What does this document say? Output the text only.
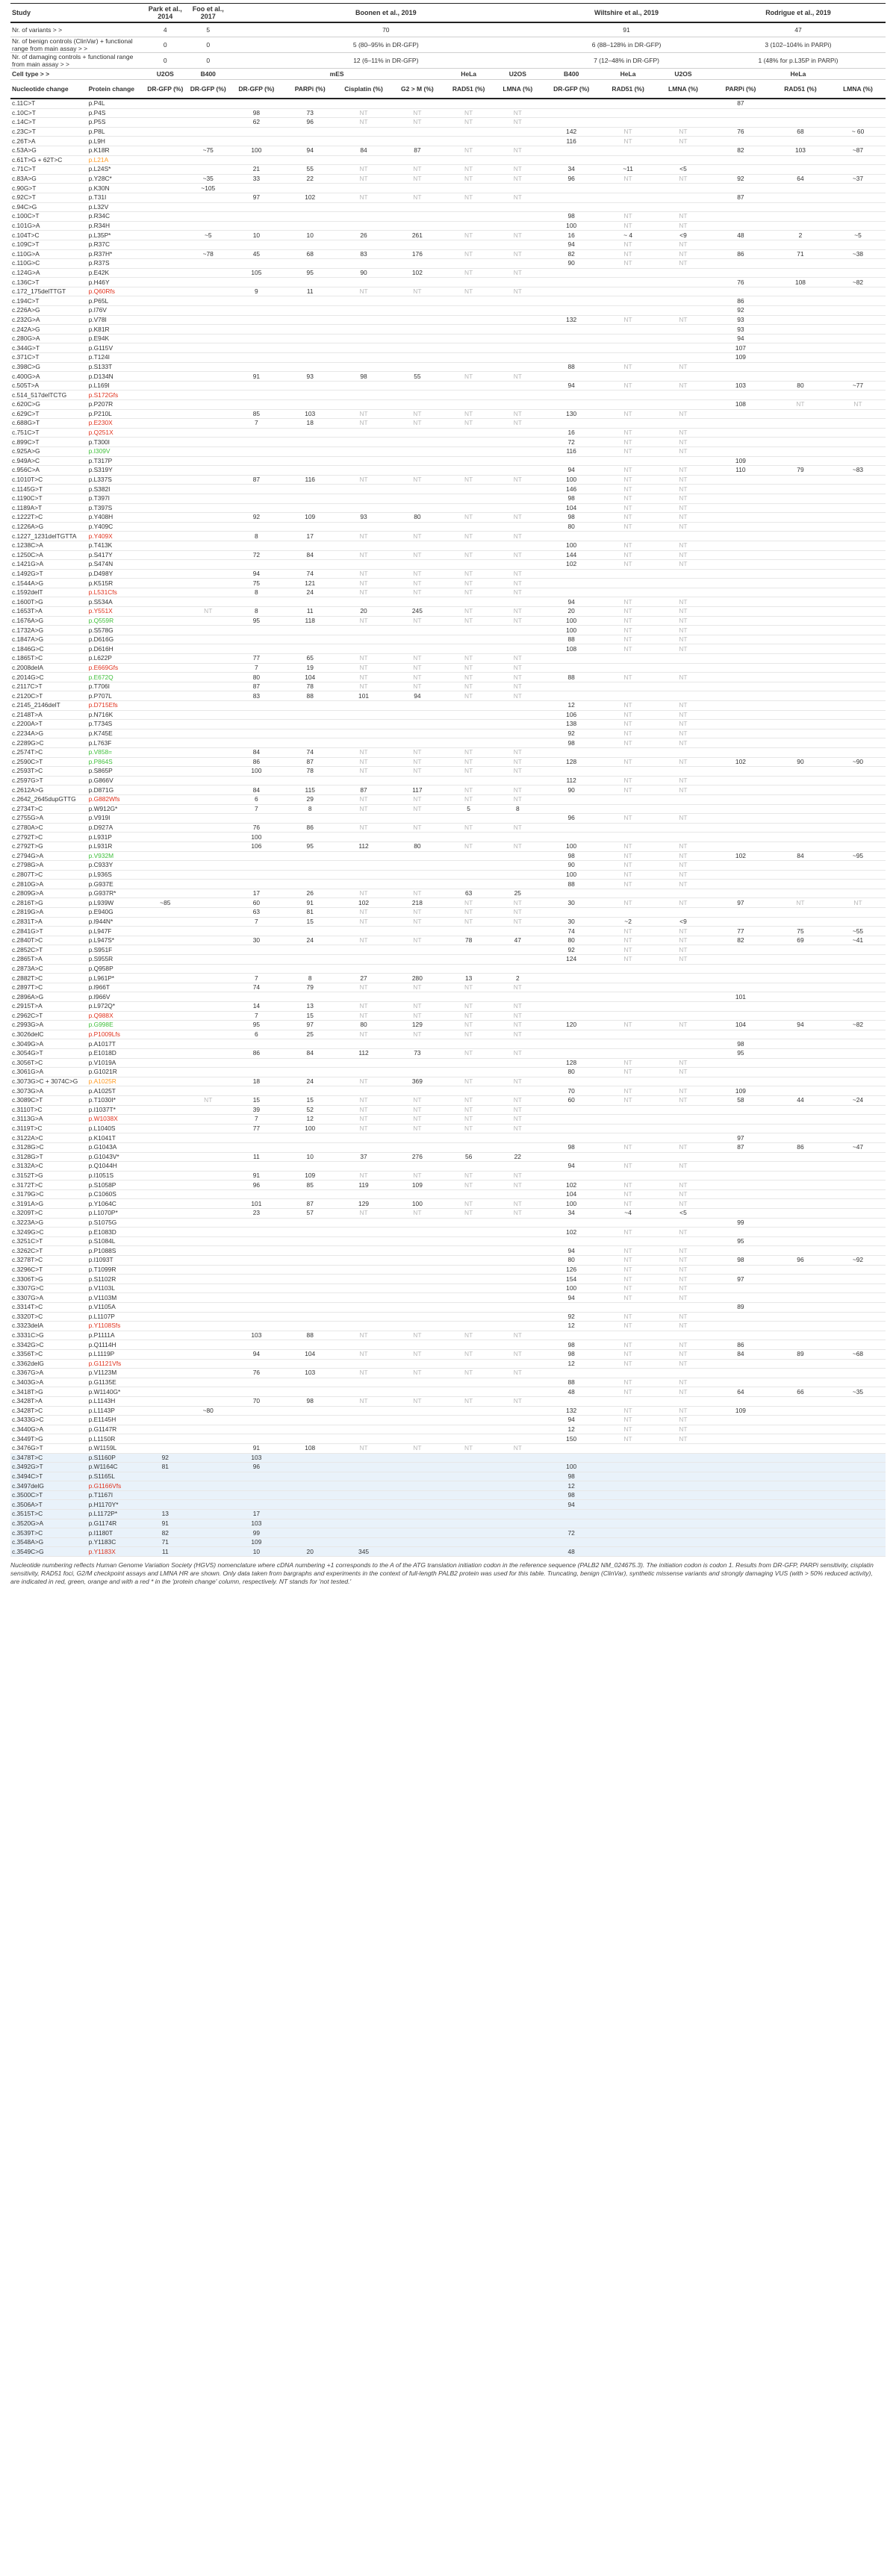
Study		Park et al., 2014	Foo et al., 2017	Boonen et al., 2019						Wiltshire et al., 2019			Rodrigue et al., 2019		
Nr. of variants > >		4	5	70						91			47		
Nr. of benign controls (ClinVar) + functional range from main assay > >		0	0	5 (80–95% in DR-GFP)						6 (88–128% in DR-GFP)			3 (102–104% in PARPi)		
Nr. of damaging controls + functional range from main assay > >		0	0	12 (6–11% in DR-GFP)						7 (12–48% in DR-GFP)			1 (48% for p.L35P in PARPi)		
Cell type > >		U2OS	B400	mES				HeLa	U2OS	B400	HeLa	U2OS	HeLa		
Nucleotide change	Protein change	DR-GFP (%)	DR-GFP (%)	DR-GFP (%)	PARPi (%)	Cisplatin (%)	G2 > M (%)	RAD51 (%)	LMNA (%)	DR-GFP (%)	RAD51 (%)	LMNA (%)	PARPi (%)	RAD51 (%)	LMNA (%)
c.11C>T	p.P4L												87		
c.10C>T	p.P4S			98	73	NT	NT	NT	NT						
c.14C>T	p.P5S			62	96	NT	NT	NT	NT						
c.23C>T	p.P8L									142	NT	NT	76	68	~ 60
c.26T>A	p.L9H									116	NT	NT			
c.53A>G	p.K18R		~75	100	94	84	87	NT	NT				82	103	~87
c.61T>G + 62T>C	p.L21A														
c.71C>T	p.L24S*			21	55	NT	NT	NT	NT	34	~11	<5			
c.83A>G	p.Y28C*		~35	33	22	NT	NT	NT	NT	96	NT	NT	92	64	~37
c.90G>T	p.K30N		~105												
c.92C>T	p.T31I			97	102	NT	NT	NT	NT				87		
c.94C>G	p.L32V														
c.100C>T	p.R34C									98	NT	NT			
c.101G>A	p.R34H									100	NT	NT			
c.104T>C	p.L35P*		~5	10	10	26	261	NT	NT	16	~ 4	<9	48	2	~5
c.109C>T	p.R37C									94	NT	NT			
c.110G>A	p.R37H*		~78	45	68	83	176	NT	NT	82	NT	NT	86	71	~38
c.110G>C	p.R37S									90	NT	NT			
c.124G>A	p.E42K			105	95	90	102	NT	NT						
c.136C>T	p.H46Y												76	108	~82
c.172_175delTTGT	p.Q60Rfs			9	11	NT	NT	NT	NT						
c.194C>T	p.P65L												86		
c.226A>G	p.I76V												92		
c.232G>A	p.V78I									132	NT	NT	93		
c.242A>G	p.K81R												93		
c.280G>A	p.E94K												94		
c.344G>T	p.G115V												107		
c.371C>T	p.T124I												109		
c.398C>G	p.S133T									88	NT	NT			
c.400G>A	p.D134N			91	93	98	55	NT	NT						
c.505T>A	p.L169I									94	NT	NT	103	80	~77
c.514_517delTCTG	p.S172Gfs														
c.620C>G	p.P207R												108	NT	NT
c.629C>T	p.P210L			85	103	NT	NT	NT	NT	130	NT	NT			
c.688G>T	p.E230X			7	18	NT	NT	NT	NT						
c.751C>T	p.Q251X									16	NT	NT			
c.899C>T	p.T300I									72	NT	NT			
c.925A>G	p.I309V									116	NT	NT			
c.949A>C	p.T317P												109		
c.956C>A	p.S319Y									94	NT	NT	110	79	~83
c.1010T>C	p.L337S			87	116	NT	NT	NT	NT	100	NT	NT			
c.1145G>T	p.S382I									146	NT	NT			
c.1190C>T	p.T397I									98	NT	NT			
c.1189A>T	p.T397S									104	NT	NT			
c.1222T>C	p.Y408H			92	109	93	80	NT	NT	98	NT	NT			
c.1226A>G	p.Y409C									80	NT	NT			
c.1227_1231delTGTTA	p.Y409X			8	17	NT	NT	NT	NT						
c.1238C>A	p.T413K									100	NT	NT			
c.1250C>A	p.S417Y			72	84	NT	NT	NT	NT	144	NT	NT			
c.1421G>A	p.S474N									102	NT	NT			
c.1492G>T	p.D498Y			94	74	NT	NT	NT	NT						
c.1544A>G	p.K515R			75	121	NT	NT	NT	NT						
c.1592delT	p.L531Cfs			8	24	NT	NT	NT	NT						
c.1600T>G	p.S534A									94	NT	NT			
c.1653T>A	p.Y551X		NT	8	11	20	245	NT	NT	20	NT	NT			
c.1676A>G	p.Q559R			95	118	NT	NT	NT	NT	100	NT	NT			
c.1732A>G	p.S578G									100	NT	NT			
c.1847A>G	p.D616G									88	NT	NT			
c.1846G>C	p.D616H									108	NT	NT			
c.1865T>C	p.L622P			77	65	NT	NT	NT	NT						
c.2008delA	p.E669Gfs			7	19	NT	NT	NT	NT						
c.2014G>C	p.E672Q			80	104	NT	NT	NT	NT	88	NT	NT			
c.2117C>T	p.T706I			87	78	NT	NT	NT	NT						
c.2120C>T	p.P707L			83	88	101	94	NT	NT						
c.2145_2146delT	p.D715Efs									12	NT	NT			
c.2148T>A	p.N716K									106	NT	NT			
c.2200A>T	p.T734S									138	NT	NT			
c.2234A>G	p.K745E									92	NT	NT			
c.2289G>C	p.L763F									98	NT	NT			
c.2574T>C	p.V858=			84	74	NT	NT	NT	NT						
c.2590C>T	p.P864S			86	87	NT	NT	NT	NT	128	NT	NT	102	90	~90
c.2593T>C	p.S865P			100	78	NT	NT	NT	NT						
c.2597G>T	p.G866V									112	NT	NT			
c.2612A>G	p.D871G			84	115	87	117	NT	NT	90	NT	NT			
c.2642_2645dupGTTG	p.G882Wfs			6	29	NT	NT	NT	NT						
c.2734T>C	p.W912G*			7	8	NT	NT	5	8						
c.2755G>A	p.V919I									96	NT	NT			
c.2780A>C	p.D927A			76	86	NT	NT	NT	NT						
c.2792T>C	p.L931P			100											
c.2792T>G	p.L931R			106	95	112	80	NT	NT	100	NT	NT			
c.2794G>A	p.V932M									98	NT	NT	102	84	~95
c.2798G>A	p.C933Y									90	NT	NT			
c.2807T>C	p.L936S									100	NT	NT			
c.2810G>A	p.G937E									88	NT	NT			
c.2809G>A	p.G937R*			17	26	NT	NT	63	25						
c.2816T>G	p.L939W	~85		60	91	102	218	NT	NT	30	NT	NT	97	NT	NT
c.2819G>A	p.E940G			63	81	NT	NT	NT	NT						
c.2831T>A	p.I944N*			7	15	NT	NT	NT	NT	30	~2	<9			
c.2841G>T	p.L947F									74	NT	NT	77	75	~55
c.2840T>C	p.L947S*			30	24	NT	NT	78	47	80	NT	NT	82	69	~41
c.2852C>T	p.S951F									92	NT	NT			
c.2865T>A	p.S955R									124	NT	NT			
c.2873A>C	p.Q958P														
c.2882T>C	p.L961P*			7	8	27	280	13	2						
c.2897T>C	p.I966T			74	79	NT	NT	NT	NT						
c.2896A>G	p.I966V												101		
c.2915T>A	p.L972Q*			14	13	NT	NT	NT	NT						
c.2962C>T	p.Q988X			7	15	NT	NT	NT	NT						
c.2993G>A	p.G998E			95	97	80	129	NT	NT	120	NT	NT	104	94	~82
c.3026delC	p.P1009Lfs			6	25	NT	NT	NT	NT						
c.3049G>A	p.A1017T												98		
c.3054G>T	p.E1018D			86	84	112	73	NT	NT				95		
c.3056T>C	p.V1019A									128	NT	NT			
c.3061G>A	p.G1021R									80	NT	NT			
c.3073G>C + 3074C>G	p.A1025R			18	24	NT	369	NT	NT						
c.3073G>A	p.A1025T									70	NT	NT	109		
c.3089C>T	p.T1030I*		NT	15	15	NT	NT	NT	NT	60	NT	NT	58	44	~24
c.3110T>C	p.I1037T*			39	52	NT	NT	NT	NT						
c.3113G>A	p.W1038X			7	12	NT	NT	NT	NT						
c.3119T>C	p.L1040S			77	100	NT	NT	NT	NT						
c.3122A>C	p.K1041T												97		
c.3128G>C	p.G1043A									98	NT	NT	87	86	~47
c.3128G>T	p.G1043V*			11	10	37	276	56	22						
c.3132A>C	p.Q1044H									94	NT	NT			
c.3152T>G	p.I1051S			91	109	NT	NT	NT	NT						
c.3172T>C	p.S1058P			96	85	119	109	NT	NT	102	NT	NT			
c.3179G>C	p.C1060S									104	NT	NT			
c.3191A>G	p.Y1064C			101	87	129	100	NT	NT	100	NT	NT			
c.3209T>C	p.L1070P*			23	57	NT	NT	NT	NT	34	~4	<5			
c.3223A>G	p.S1075G												99		
c.3249G>C	p.E1083D									102	NT	NT			
c.3251C>T	p.S1084L												95		
c.3262C>T	p.P1088S									94	NT	NT			
c.3278T>C	p.I1093T									80	NT	NT	98	96	~92
c.3296C>T	p.T1099R									126	NT	NT			
c.3306T>G	p.S1102R									154	NT	NT	97		
c.3307G>C	p.V1103L									100	NT	NT			
c.3307G>A	p.V1103M									94	NT	NT			
c.3314T>C	p.V1105A												89		
c.3320T>C	p.L1107P									92	NT	NT			
c.3323delA	p.Y1108Sfs									12	NT	NT			
c.3331C>G	p.P1111A			103	88	NT	NT	NT	NT						
c.3342G>C	p.Q1114H									98	NT	NT	86		
c.3356T>C	p.L1119P			94	104	NT	NT	NT	NT	98	NT	NT	84	89	~68
c.3362delG	p.G1121Vfs									12	NT	NT			
c.3367G>A	p.V1123M			76	103	NT	NT	NT	NT						
c.3403G>A	p.G1135E									88	NT	NT			
c.3418T>G	p.W1140G*									48	NT	NT	64	66	~35
c.3428T>A	p.L1143H			70	98	NT	NT	NT	NT						
c.3428T>C	p.L1143P		~80							132	NT	NT	109		
c.3433G>C	p.E1145H									94	NT	NT			
c.3440G>A	p.G1147R									12	NT	NT			
c.3449T>G	p.L1150R									150	NT	NT			
c.3476G>T	p.W1159L			91	108	NT	NT	NT	NT						
c.3478T>C	p.S1160P	92		103											
c.3492G>T	p.W1164C	81		96						100					
c.3494C>T	p.S1165L									98					
c.3497delG	p.G1166Vfs									12					
c.3500C>T	p.T1167I									98					
c.3506A>T	p.H1170Y*									94					
c.3515T>C	p.L1172P*	13		17											
c.3520G>A	p.G1174R	91		103											
c.3539T>C	p.I1180T	82		99						72					
c.3548A>G	p.Y1183C	71		109											
c.3549C>G	p.Y1183X	11		10	20	345				48					
Nucleotide numbering reflects Human Genome Variation Society (HGVS) nomenclature where cDNA numbering +1 corresponds to the A of the ATG translation initiation codon in the reference sequence (PALB2 NM_024675.3). The initiation codon is codon 1. Results from DR-GFP, PARPi sensitivity, cisplatin sensitivity, RAD51 foci, G2/M checkpoint assays and LMNA HR are shown. Only data taken from bargraphs and experiments in the context of full-length PALB2 protein was used for this table. Truncating, benign (ClinVar), synthetic missense variants and strongly damaging VUS (with > 50% reduced activity), are indicated in red, green, orange and with a red * in the 'protein change' column, respectively. NT stands for 'not tested.'
